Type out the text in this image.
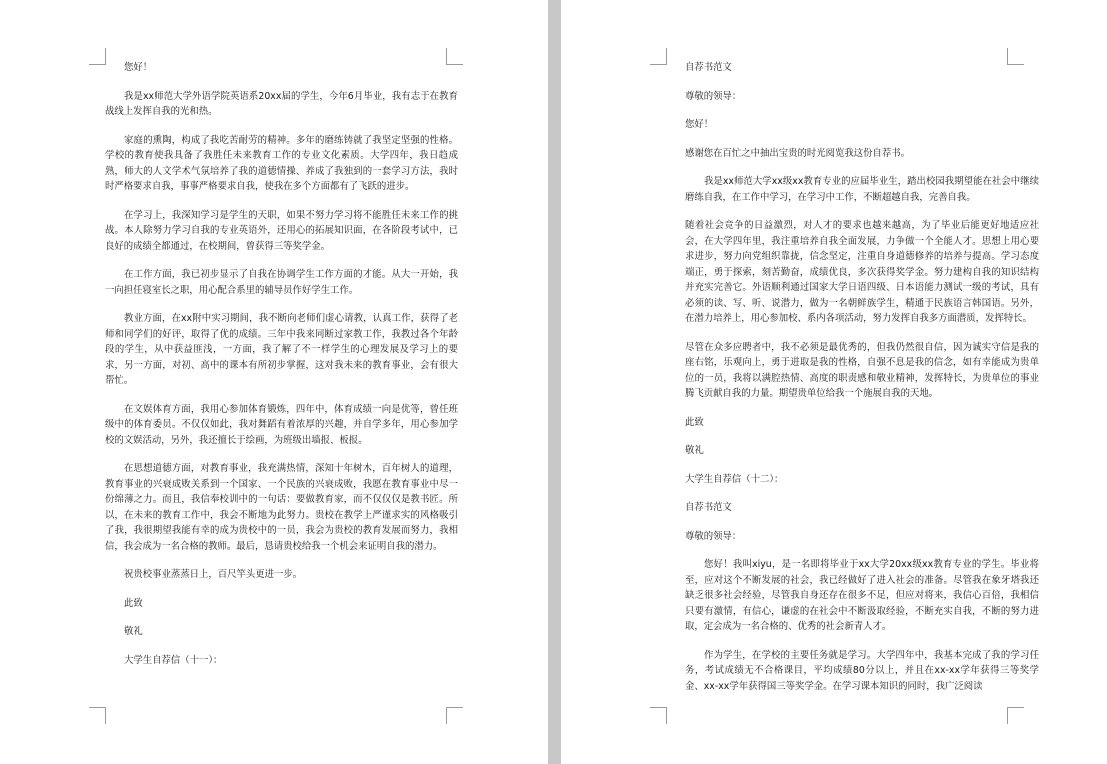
您好！

我是xx师范大学外语学院英语系20xx届的学生，今年6月毕业，我有志于在教育战线上发挥自我的光和热。

家庭的熏陶，构成了我吃苦耐劳的精神。多年的磨练铸就了我坚定坚强的性格。学校的教育使我具备了我胜任未来教育工作的专业文化素质。大学四年，我日趋成熟，师大的人文学术气氛培养了我的道德情操、养成了我独到的一套学习方法，我时时严格要求自我，事事严格要求自我，使我在多个方面都有了飞跃的进步。

在学习上，我深知学习是学生的天职，如果不努力学习将不能胜任未来工作的挑战。本人除努力学习自我的专业英语外，还用心的拓展知识面，在各阶段考试中，已良好的成绩全都通过，在校期间，曾获得三等奖学金。

在工作方面，我已初步显示了自我在协调学生工作方面的才能。从大一开始，我一向担任寝室长之职，用心配合系里的辅导员作好学生工作。

教业方面，在xx附中实习期间，我不断向老师们虚心请教，认真工作，获得了老师和同学们的好评，取得了优的成绩。三年中我来同断过家教工作，我教过各个年龄段的学生，从中获益匪浅，一方面，我了解了不一样学生的心理发展及学习上的要求，另一方面，对初、高中的课本有所初步掌握，这对我未来的教育事业，会有很大帮忙。

在文娱体育方面，我用心参加体育锻炼，四年中，体育成绩一向是优等，曾任班级中的体育委员。不仅仅如此，我对舞蹈有着浓厚的兴趣，并自学多年，用心参加学校的文娱活动，另外，我还擅长于绘画，为班级出墙报、板报。

在思想道德方面，对教育事业，我充满热情，深知十年树木，百年树人的道理，教育事业的兴衰成败关系到一个国家、一个民族的兴衰成败，我愿在教育事业中尽一份绵薄之力。而且，我信奉校训中的一句话：要做教育家，而不仅仅仅是教书匠。所以，在未来的教育工作中，我会不断地为此努力。贵校在教学上严谨求实的风格吸引了我，我很期望我能有幸的成为贵校中的一员，我会为贵校的教育发展而努力，我相信，我会成为一名合格的教师。最后，恳请贵校给我一个机会来证明自我的潜力。

祝贵校事业蒸蒸日上，百尺竿头更进一步。

此致

敬礼

大学生自荐信（十一）：

自荐书范文

尊敬的领导：

您好！

感谢您在百忙之中抽出宝贵的时光阅览我这份自荐书。

我是xx师范大学xx级xx教育专业的应届毕业生，踏出校园我期望能在社会中继续磨练自我，在工作中学习，在学习中工作，不断超越自我，完善自我。

随着社会竞争的日益激烈，对人才的要求也越来越高，为了毕业后能更好地适应社会，在大学四年里，我注重培养自我全面发展，力争做一个全能人才。思想上用心要求进步，努力向党组织靠拢，信念坚定，注重自身道德修养的培养与提高。学习态度端正，勇于探索，刻苦勤奋，成绩优良，多次获得奖学金。努力建构自我的知识结构并充实完善它。外语顺利通过国家大学日语四级、日本语能力测试一级的考试，具有必须的读、写、听、说潜力，做为一名朝鲜族学生，精通于民族语言韩国语。另外，在潜力培养上，用心参加校、系内各项活动，努力发挥自我多方面潜质，发挥特长。

尽管在众多应聘者中，我不必须是最优秀的，但我仍然很自信，因为诚实守信是我的座右铭，乐观向上，勇于进取是我的性格，自强不息是我的信念，如有幸能成为贵单位的一员，我将以满腔热情、高度的职责感和敬业精神，发挥特长，为贵单位的事业腾飞贡献自我的力量。期望贵单位给我一个施展自我的天地。

此致

敬礼

大学生自荐信（十二）：

自荐书范文

尊敬的领导：

您好！我叫xiyu，是一名即将毕业于xx大学20xx级xx教育专业的学生。毕业将至，应对这个不断发展的社会，我已经做好了进入社会的准备。尽管我在象牙塔我还缺乏很多社会经验，尽管我自身还存在很多不足，但应对将来，我信心百倍，我相信只要有激情，有信心，谦虚的在社会中不断汲取经验，不断充实自我，不断的努力进取，定会成为一名合格的、优秀的社会新青人才。

作为学生，在学校的主要任务就是学习。大学四年中，我基本完成了我的学习任务，考试成绩无不合格课目，平均成绩80分以上，并且在xx-xx学年获得三等奖学金、xx-xx学年获得国三等奖学金。在学习课本知识的同时，我广泛阅读
